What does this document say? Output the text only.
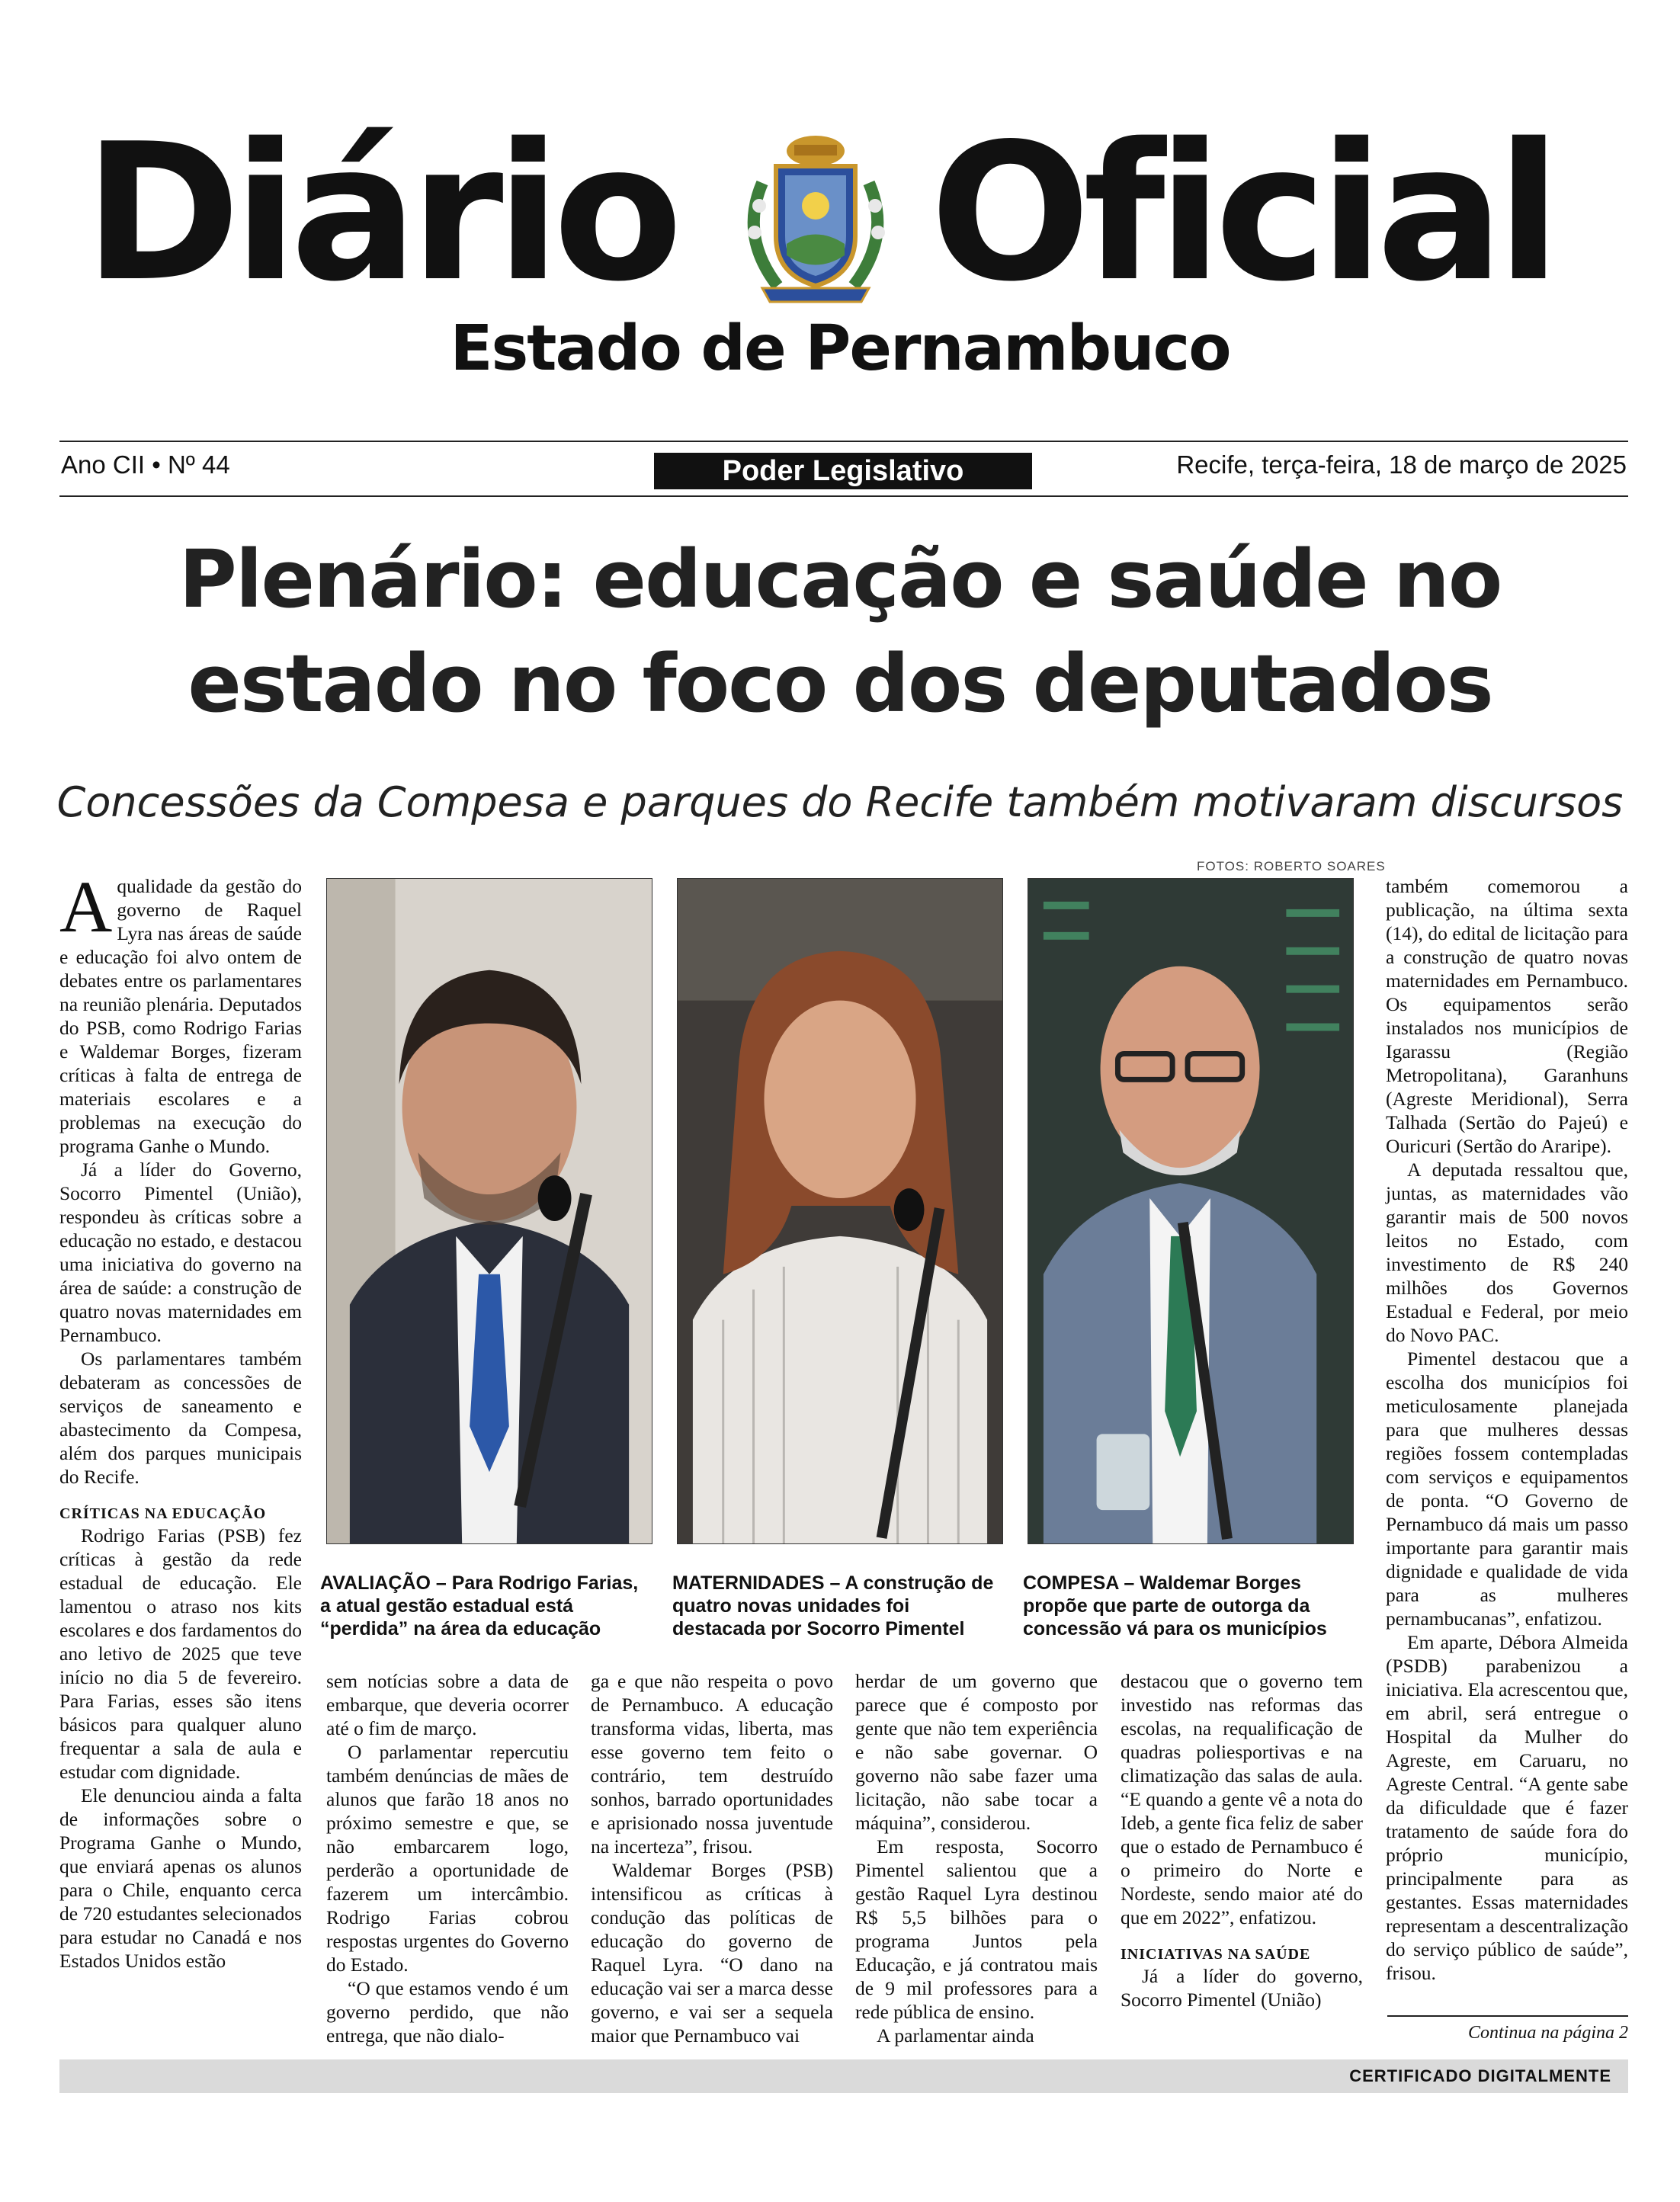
Diário Oficial
Estado de Pernambuco
Ano CII • Nº 44	Poder Legislativo	Recife, terça-feira, 18 de março de 2025
Plenário: educação e saúde no
estado no foco dos deputados
Concessões da Compesa e parques do Recife também motivaram discursos
FOTOS: ROBERTO SOARES
AVALIAÇÃO – Para Rodrigo Farias, a atual gestão estadual está “perdida” na área da educação
MATERNIDADES – A construção de quatro novas unidades foi destacada por Socorro Pimentel
COMPESA – Waldemar Borges propõe que parte de outorga da concessão vá para os municípios

Aqualidade da gestão do governo de Raquel Lyra nas áreas de saúde e educação foi alvo ontem de debates entre os parlamentares na reunião plenária. Deputados do PSB, como Rodrigo Farias e Waldemar Borges, fizeram críticas à falta de entrega de materiais escolares e a problemas na execução do programa Ganhe o Mundo.

Já a líder do Governo, Socorro Pimentel (União), respondeu às críticas sobre a educação no estado, e destacou uma iniciativa do governo na área de saúde: a construção de quatro novas maternidades em Pernambuco.

Os parlamentares também debateram as concessões de serviços de saneamento e abastecimento da Compesa, além dos parques municipais do Recife.

CRÍTICAS NA EDUCAÇÃO

Rodrigo Farias (PSB) fez críticas à gestão da rede estadual de educação. Ele lamentou o atraso nos kits escolares e dos fardamentos do ano letivo de 2025 que teve início no dia 5 de fevereiro. Para Farias, esses são itens básicos para qualquer aluno frequentar a sala de aula e estudar com dignidade.

Ele denunciou ainda a falta de informações sobre o Programa Ganhe o Mundo, que enviará apenas os alunos para o Chile, enquanto cerca de 720 estudantes selecionados para estudar no Canadá e nos Estados Unidos estão

sem notícias sobre a data de embarque, que deveria ocorrer até o fim de março.

O parlamentar repercutiu também denúncias de mães de alunos que farão 18 anos no próximo semestre e que, se não embarcarem logo, perderão a oportunidade de fazerem um intercâmbio. Rodrigo Farias cobrou respostas urgentes do Governo do Estado.

“O que estamos vendo é um governo perdido, que não entrega, que não dialo-

ga e que não respeita o povo de Pernambuco. A educação transforma vidas, liberta, mas esse governo tem feito o contrário, tem destruído sonhos, barrado oportunidades e aprisionado nossa juventude na incerteza”, frisou.

Waldemar Borges (PSB) intensificou as críticas à condução das políticas de educação do governo de Raquel Lyra. “O dano na educação vai ser a marca desse governo, e vai ser a sequela maior que Pernambuco vai

herdar de um governo que parece que é composto por gente que não tem experiência e não sabe governar. O governo não sabe fazer uma licitação, não sabe tocar a máquina”, considerou.

Em resposta, Socorro Pimentel salientou que a gestão Raquel Lyra destinou R$ 5,5 bilhões para o programa Juntos pela Educação, e já contratou mais de 9 mil professores para a rede pública de ensino.

A parlamentar ainda

destacou que o governo tem investido nas reformas das escolas, na requalificação de quadras poliesportivas e na climatização das salas de aula. “E quando a gente vê a nota do Ideb, a gente fica feliz de saber que o estado de Pernambuco é o primeiro do Norte e Nordeste, sendo maior até do que em 2022”, enfatizou.

INICIATIVAS NA SAÚDE

Já a líder do governo, Socorro Pimentel (União)

também comemorou a publicação, na última sexta (14), do edital de licitação para a construção de quatro novas maternidades em Pernambuco. Os equipamentos serão instalados nos municípios de Igarassu (Região Metropolitana), Garanhuns (Agreste Meridional), Serra Talhada (Sertão do Pajeú) e Ouricuri (Sertão do Araripe).

A deputada ressaltou que, juntas, as maternidades vão garantir mais de 500 novos leitos no Estado, com investimento de R$ 240 milhões dos Governos Estadual e Federal, por meio do Novo PAC.

Pimentel destacou que a escolha dos municípios foi meticulosamente planejada para que mulheres dessas regiões fossem contempladas com serviços e equipamentos de ponta. “O Governo de Pernambuco dá mais um passo importante para garantir mais dignidade e qualidade de vida para as mulheres pernambucanas”, enfatizou.

Em aparte, Débora Almeida (PSDB) parabenizou a iniciativa. Ela acrescentou que, em abril, será entregue o Hospital da Mulher do Agreste, em Caruaru, no Agreste Central. “A gente sabe da dificuldade que é fazer tratamento de saúde fora do próprio município, principalmente para as gestantes. Essas maternidades representam a descentralização do serviço público de saúde”, frisou.

Continua na página 2
CERTIFICADO DIGITALMENTE
